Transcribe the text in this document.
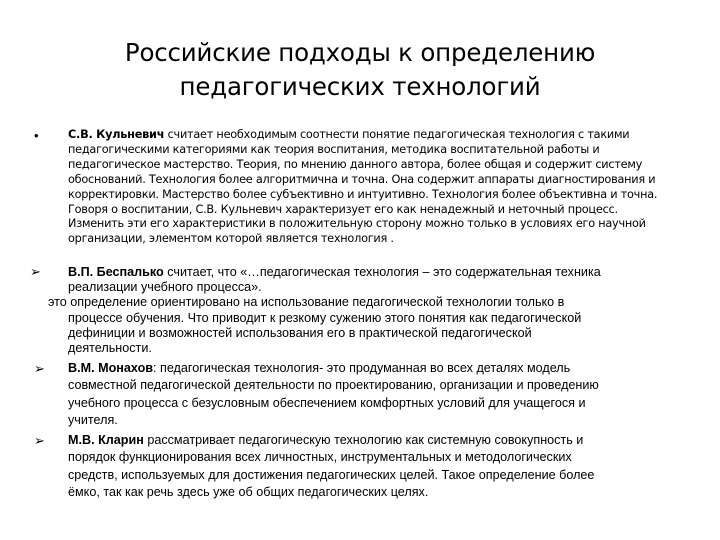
Российские подходы к определению
педагогических технологий
•	С.В. Кульневич считает необходимым соотнести понятие педагогическая технология с такими
педагогическими категориями как теория воспитания, методика воспитательной работы и
педагогическое мастерство. Теория, по мнению данного автора, более общая и содержит систему
обоснований. Технология более алгоритмична и точна. Она содержит аппараты диагностирования и
корректировки. Мастерство более субъективно и интуитивно. Технология более объективна и точна.
Говоря о воспитании, С.В. Кульневич характеризует его как ненадежный и неточный процесс.
Изменить эти его характеристики в положительную сторону можно только в условиях его научной
организации, элементом которой является технология .
➢	В.П. Беспалько считает, что «…педагогическая технология – это содержательная техника
реализации учебного процесса».
это определение ориентировано на использование педагогической технологии только в
процессе обучения. Что приводит к резкому сужению этого понятия как педагогической
дефиниции и возможностей использования его в практической педагогической
деятельности.
➢ В.М. Монахов: педагогическая технология- это продуманная во всех деталях модель
совместной педагогической деятельности по проектированию, организации и проведению
учебного процесса с безусловным обеспечением комфортных условий для учащегося и
учителя.
➢ М.В. Кларин рассматривает педагогическую технологию как системную совокупность и
порядок функционирования всех личностных, инструментальных и методологических
средств, используемых для достижения педагогических целей. Такое определение более
ёмко, так как речь здесь уже об общих педагогических целях.
